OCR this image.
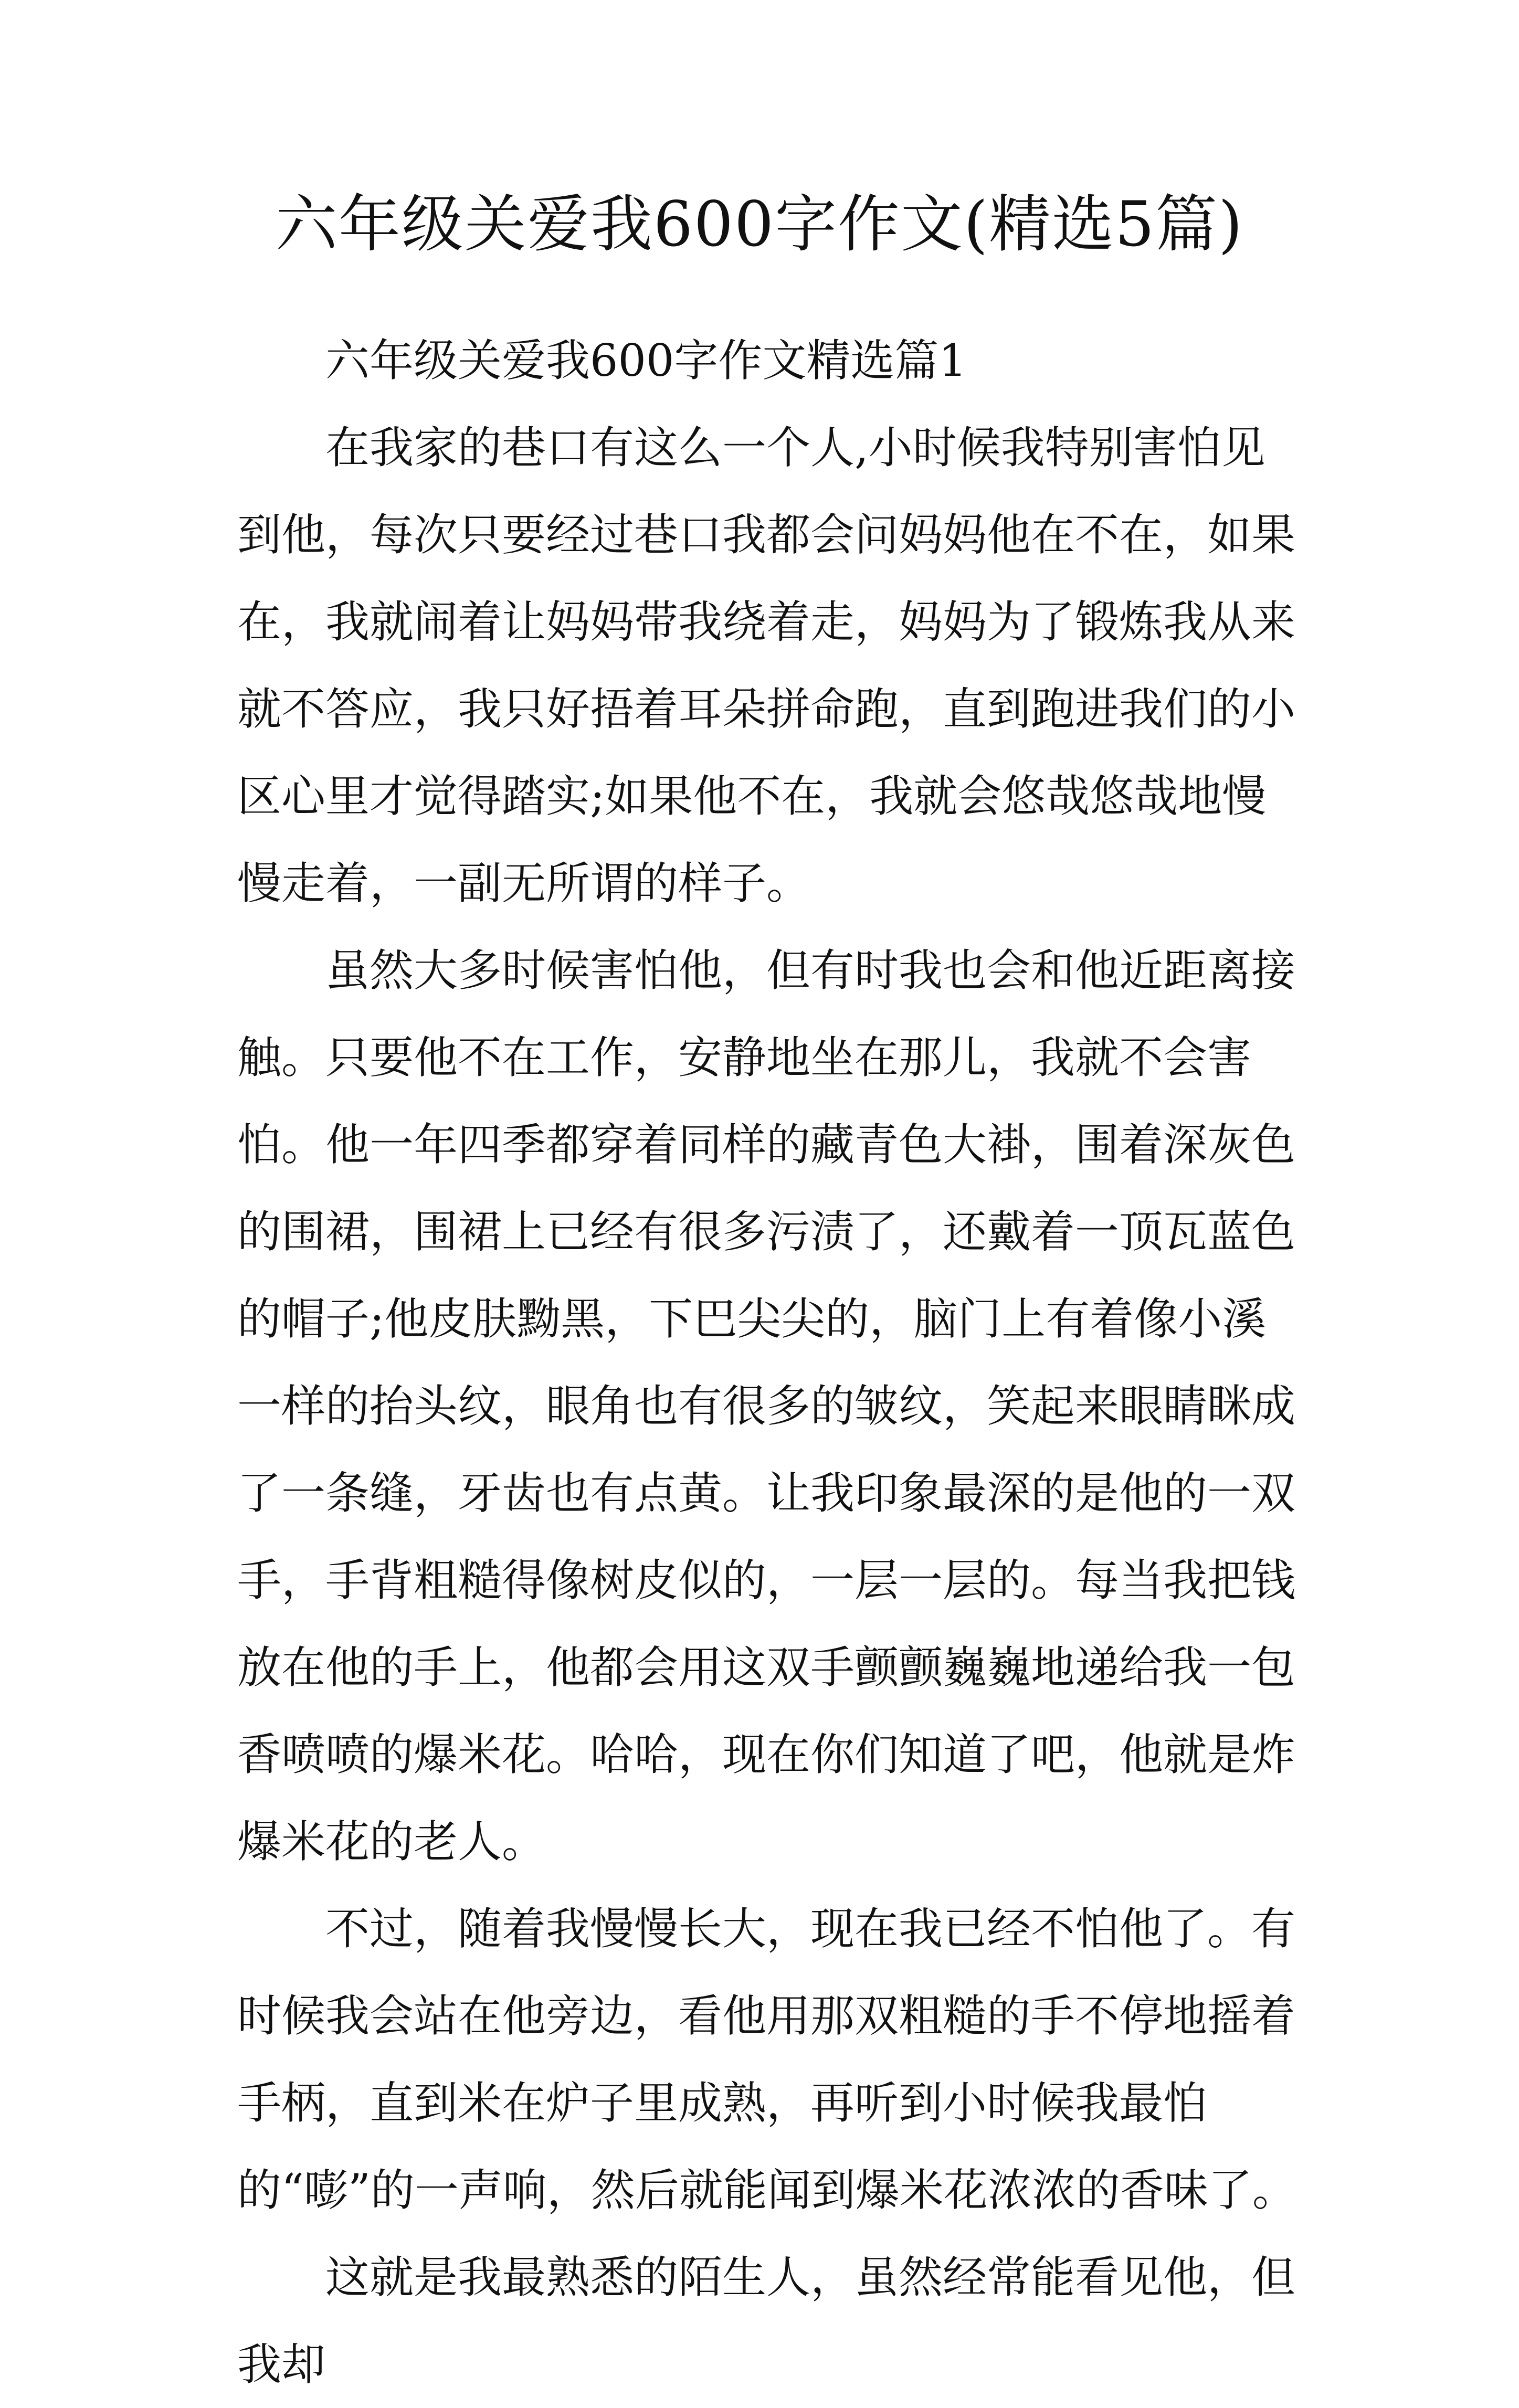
六年级关爱我600字作文(精选5篇)

六年级关爱我600字作文精选篇1

在我家的巷口有这么一个人,小时候我特别害怕见到他，每次只要经过巷口我都会问妈妈他在不在，如果在，我就闹着让妈妈带我绕着走，妈妈为了锻炼我从来就不答应，我只好捂着耳朵拼命跑，直到跑进我们的小区心里才觉得踏实;如果他不在，我就会悠哉悠哉地慢慢走着，一副无所谓的样子。

虽然大多时候害怕他，但有时我也会和他近距离接触。只要他不在工作，安静地坐在那儿，我就不会害怕。他一年四季都穿着同样的藏青色大褂，围着深灰色的围裙，围裙上已经有很多污渍了，还戴着一顶瓦蓝色的帽子;他皮肤黝黑，下巴尖尖的，脑门上有着像小溪一样的抬头纹，眼角也有很多的皱纹，笑起来眼睛眯成了一条缝，牙齿也有点黄。让我印象最深的是他的一双手，手背粗糙得像树皮似的，一层一层的。每当我把钱放在他的手上，他都会用这双手颤颤巍巍地递给我一包香喷喷的爆米花。哈哈，现在你们知道了吧，他就是炸爆米花的老人。

不过，随着我慢慢长大，现在我已经不怕他了。有时候我会站在他旁边，看他用那双粗糙的手不停地摇着手柄，直到米在炉子里成熟，再听到小时候我最怕的“嘭”的一声响，然后就能闻到爆米花浓浓的香味了。

这就是我最熟悉的陌生人，虽然经常能看见他，但我却
